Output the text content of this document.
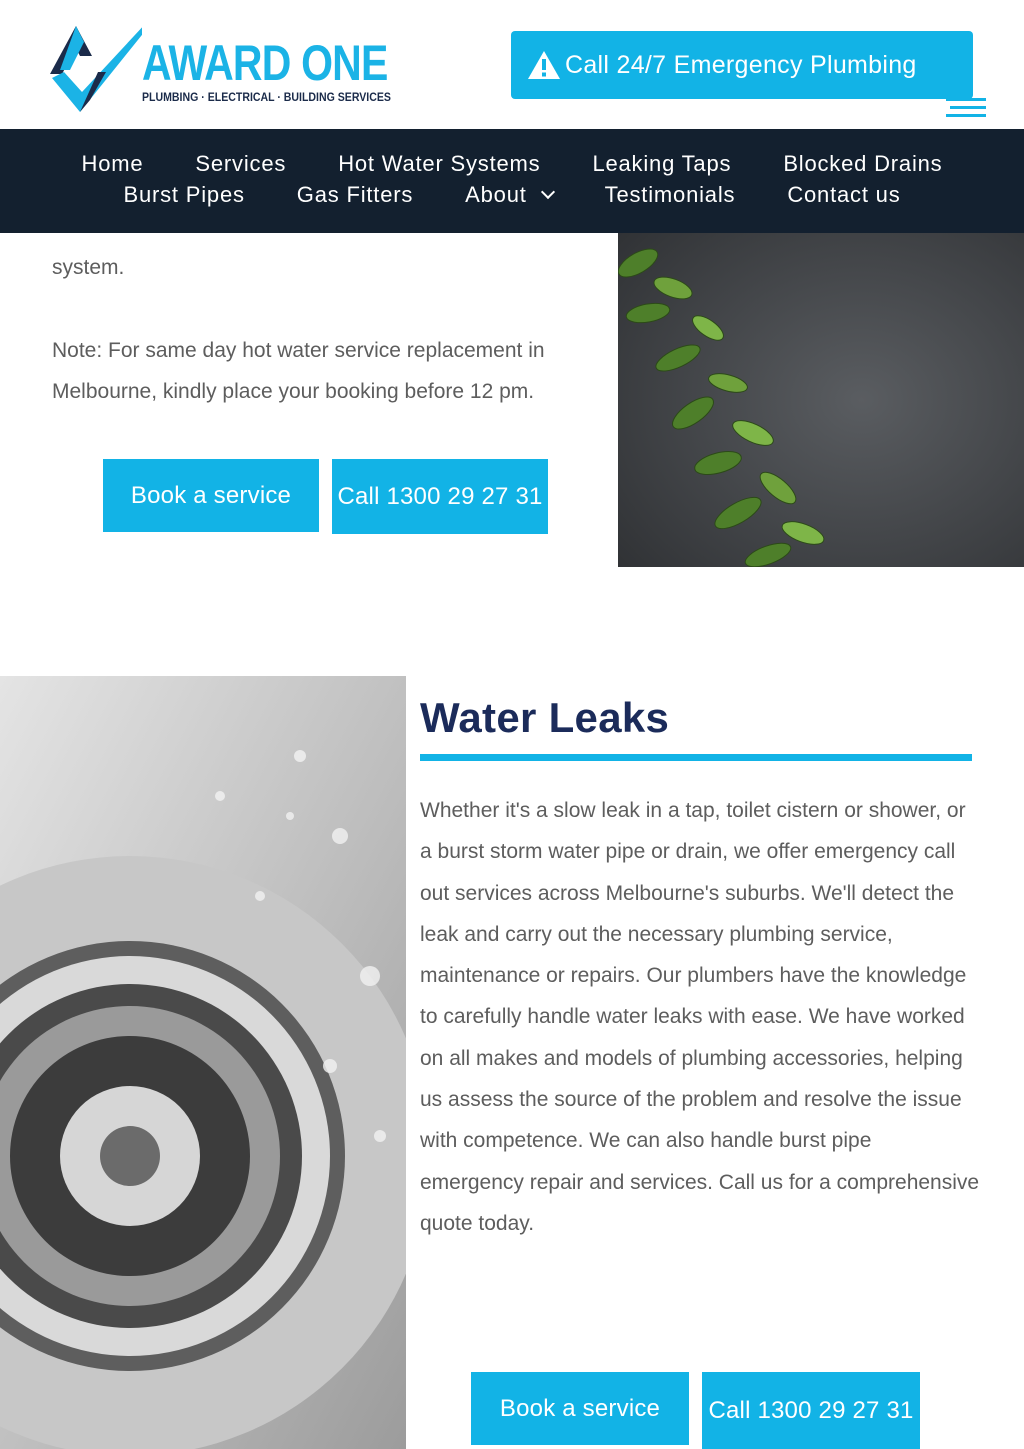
AWARD ONE
PLUMBING · ELECTRICAL · BUILDING SERVICES
Call 24/7 Emergency Plumbing
Home Services Hot Water Systems Leaking Taps Blocked Drains
Burst Pipes Gas Fitters About	Testimonials Contact us

system.

Note: For same day hot water service replacement in Melbourne, kindly place your booking before 12 pm.

Book a service	Call 1300 29 27 31
Water Leaks
Whether it's a slow leak in a tap, toilet cistern or shower, or a burst storm water pipe or drain, we offer emergency call out services across Melbourne's suburbs. We'll detect the leak and carry out the necessary plumbing service, maintenance or repairs. Our plumbers have the knowledge to carefully handle water leaks with ease. We have worked on all makes and models of plumbing accessories, helping us assess the source of the problem and resolve the issue with competence. We can also handle burst pipe emergency repair and services. Call us for a comprehensive quote today.
Book a service	Call 1300 29 27 31
